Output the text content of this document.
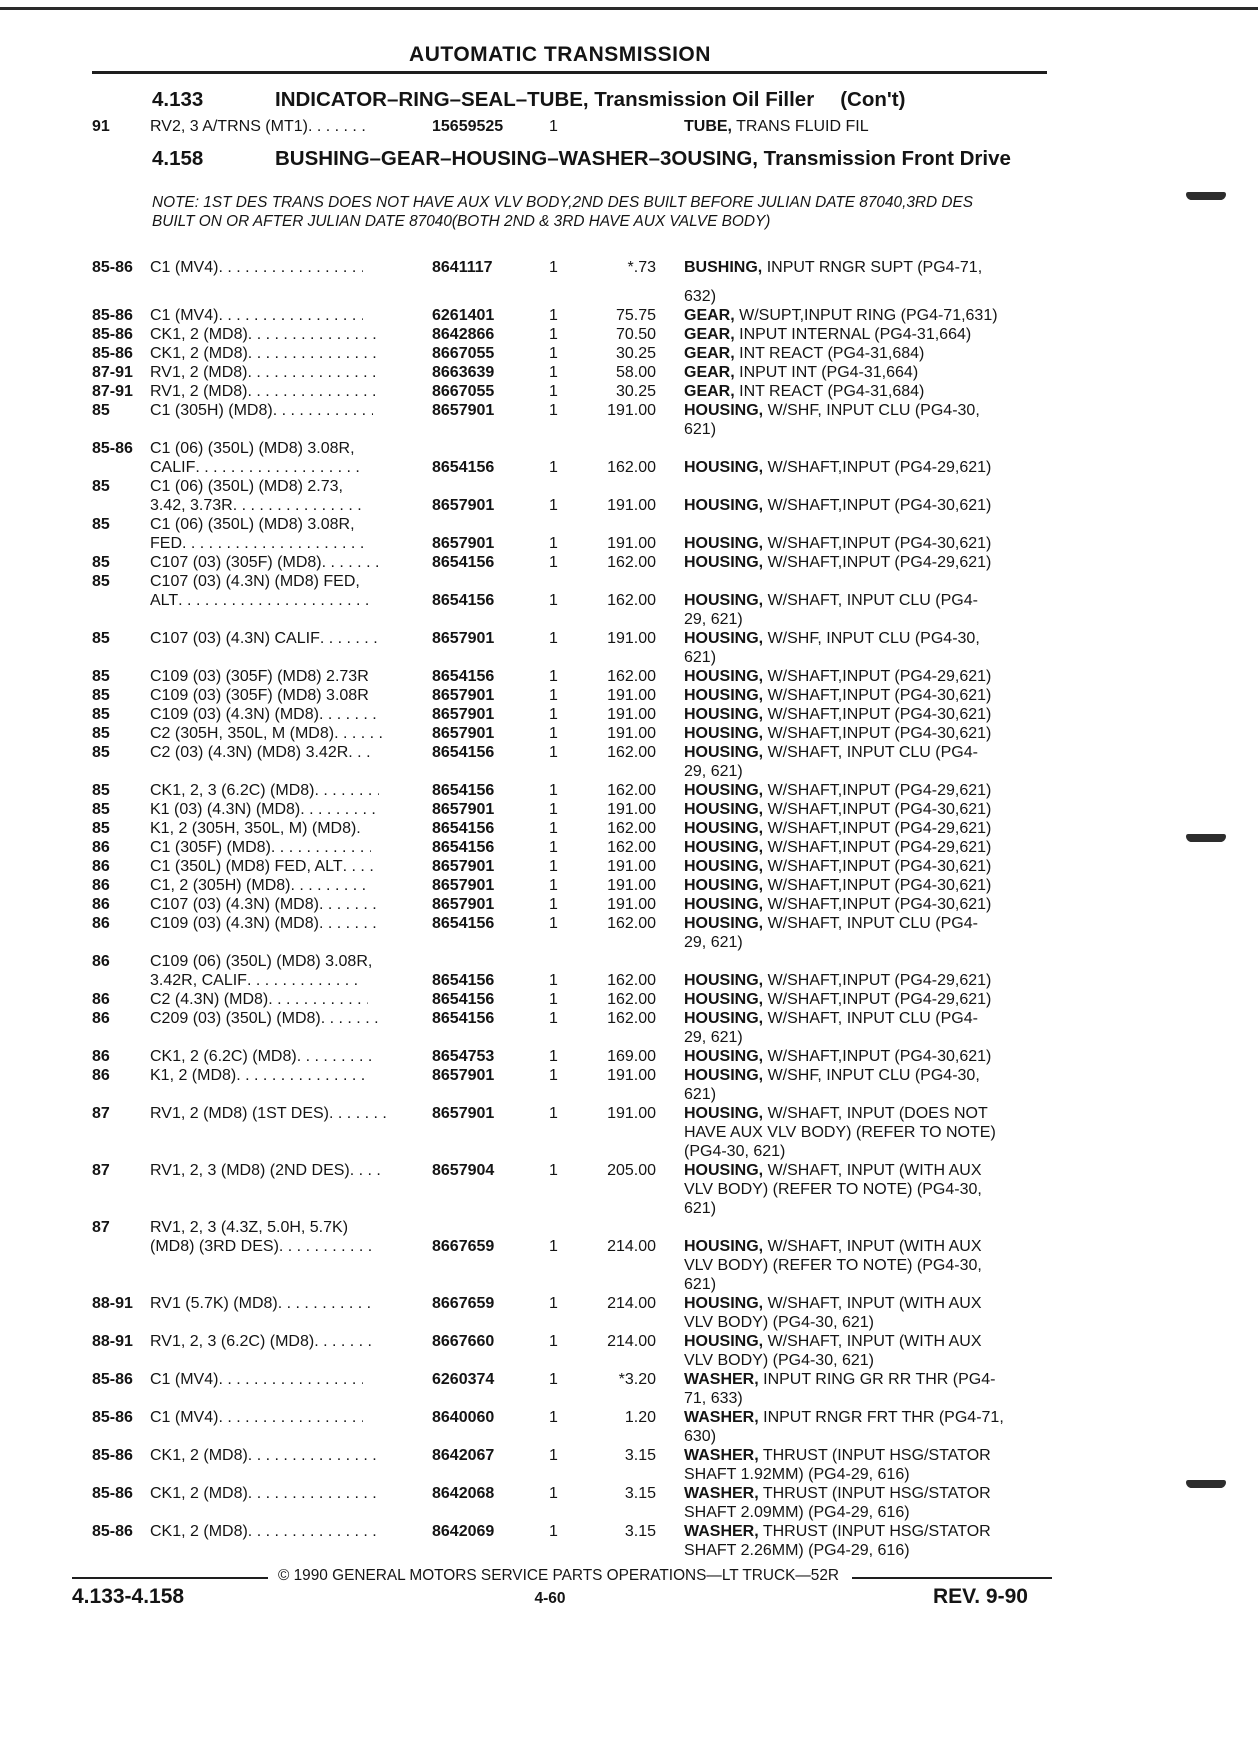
AUTOMATIC TRANSMISSION
4.133	INDICATOR–RING–SEAL–TUBE, Transmission Oil Filler (Con't)
91	RV2, 3 A/TRNS (MT1) . . .	15659525	1	TUBE, TRANS FLUID FIL
85-86 C1 (MV4) . . .	8641117	1	*.73 BUSHING, INPUT RNGR SUPT (PG4-71,
632)
85-86 C1 (MV4) . . .	6261401	1	75.75 GEAR, W/SUPT,INPUT RING (PG4-71,631)
85-86 CK1, 2 (MD8) . . .	8642866	1	70.50 GEAR, INPUT INTERNAL (PG4-31,664)
85-86 CK1, 2 (MD8) . . .	8667055	1	30.25 GEAR, INT REACT (PG4-31,684)
87-91 RV1, 2 (MD8) . . .	8663639	1	58.00 GEAR, INPUT INT (PG4-31,664)
87-91 RV1, 2 (MD8) . . .	8667055	1	30.25 GEAR, INT REACT (PG4-31,684)
85	C1 (305H) (MD8) . . .	8657901	1	191.00 HOUSING, W/SHF, INPUT CLU (PG4-30,
621)
85-86 C1 (06) (350L) (MD8) 3.08R,
CALIF . . .	8654156	1	162.00 HOUSING, W/SHAFT,INPUT (PG4-29,621)
85	C1 (06) (350L) (MD8) 2.73,
3.42, 3.73R . . .	8657901	1	191.00 HOUSING, W/SHAFT,INPUT (PG4-30,621)
85	C1 (06) (350L) (MD8) 3.08R,
FED . . .	8657901	1	191.00 HOUSING, W/SHAFT,INPUT (PG4-30,621)
85	C107 (03) (305F) (MD8) . . .	8654156	1	162.00 HOUSING, W/SHAFT,INPUT (PG4-29,621)
85	C107 (03) (4.3N) (MD8) FED,
ALT . . .	8654156	1	162.00 HOUSING, W/SHAFT, INPUT CLU (PG4-
29, 621)
85	C107 (03) (4.3N) CALIF . . .	8657901	1	191.00 HOUSING, W/SHF, INPUT CLU (PG4-30,
621)
85	C109 (03) (305F) (MD8) 2.73R	8654156	1	162.00 HOUSING, W/SHAFT,INPUT (PG4-29,621)
85	C109 (03) (305F) (MD8) 3.08R	8657901	1	191.00 HOUSING, W/SHAFT,INPUT (PG4-30,621)
85	C109 (03) (4.3N) (MD8) . . .	8657901	1	191.00 HOUSING, W/SHAFT,INPUT (PG4-30,621)
85	C2 (305H, 350L, M (MD8) . . .	8657901	1	191.00 HOUSING, W/SHAFT,INPUT (PG4-30,621)
85	C2 (03) (4.3N) (MD8) 3.42R . . .	8654156	1	162.00 HOUSING, W/SHAFT, INPUT CLU (PG4-
29, 621)
85	CK1, 2, 3 (6.2C) (MD8) . . .	8654156	1	162.00 HOUSING, W/SHAFT,INPUT (PG4-29,621)
85	K1 (03) (4.3N) (MD8) . . .	8657901	1	191.00 HOUSING, W/SHAFT,INPUT (PG4-30,621)
85	K1, 2 (305H, 350L, M) (MD8) . . .	8654156	1	162.00 HOUSING, W/SHAFT,INPUT (PG4-29,621)
86	C1 (305F) (MD8) . . .	8654156	1	162.00 HOUSING, W/SHAFT,INPUT (PG4-29,621)
86	C1 (350L) (MD8) FED, ALT . . .	8657901	1	191.00 HOUSING, W/SHAFT,INPUT (PG4-30,621)
86	C1, 2 (305H) (MD8) . . .	8657901	1	191.00 HOUSING, W/SHAFT,INPUT (PG4-30,621)
86	C107 (03) (4.3N) (MD8) . . .	8657901	1	191.00 HOUSING, W/SHAFT,INPUT (PG4-30,621)
86	C109 (03) (4.3N) (MD8) . . .	8654156	1	162.00 HOUSING, W/SHAFT, INPUT CLU (PG4-
29, 621)
86	C109 (06) (350L) (MD8) 3.08R,
3.42R, CALIF . . .	8654156	1	162.00 HOUSING, W/SHAFT,INPUT (PG4-29,621)
86	C2 (4.3N) (MD8) . . .	8654156	1	162.00 HOUSING, W/SHAFT,INPUT (PG4-29,621)
86	C209 (03) (350L) (MD8) . . .	8654156	1	162.00 HOUSING, W/SHAFT, INPUT CLU (PG4-
29, 621)
86	CK1, 2 (6.2C) (MD8) . . .	8654753	1	169.00 HOUSING, W/SHAFT,INPUT (PG4-30,621)
86	K1, 2 (MD8) . . .	8657901	1	191.00 HOUSING, W/SHF, INPUT CLU (PG4-30,
621)
87	RV1, 2 (MD8) (1ST DES) . . .	8657901	1	191.00 HOUSING, W/SHAFT, INPUT (DOES NOT
HAVE AUX VLV BODY) (REFER TO NOTE)
(PG4-30, 621)
87	RV1, 2, 3 (MD8) (2ND DES) . . .	8657904	1	205.00 HOUSING, W/SHAFT, INPUT (WITH AUX
VLV BODY) (REFER TO NOTE) (PG4-30,
621)
87	RV1, 2, 3 (4.3Z, 5.0H, 5.7K)
(MD8) (3RD DES) . . .	8667659	1	214.00 HOUSING, W/SHAFT, INPUT (WITH AUX
VLV BODY) (REFER TO NOTE) (PG4-30,
621)
88-91 RV1 (5.7K) (MD8) . . .	8667659	1	214.00 HOUSING, W/SHAFT, INPUT (WITH AUX
VLV BODY) (PG4-30, 621)
88-91 RV1, 2, 3 (6.2C) (MD8) . . .	8667660	1	214.00 HOUSING, W/SHAFT, INPUT (WITH AUX
VLV BODY) (PG4-30, 621)
85-86 C1 (MV4) . . .	6260374	1	*3.20 WASHER, INPUT RING GR RR THR (PG4-
71, 633)
85-86 C1 (MV4) . . .	8640060	1	1.20 WASHER, INPUT RNGR FRT THR (PG4-71,
630)
85-86 CK1, 2 (MD8) . . .	8642067	1	3.15 WASHER, THRUST (INPUT HSG/STATOR
SHAFT 1.92MM) (PG4-29, 616)
85-86 CK1, 2 (MD8) . . .	8642068	1	3.15 WASHER, THRUST (INPUT HSG/STATOR
SHAFT 2.09MM) (PG4-29, 616)
85-86 CK1, 2 (MD8) . . .	8642069	1	3.15 WASHER, THRUST (INPUT HSG/STATOR
SHAFT 2.26MM) (PG4-29, 616)
4.158	BUSHING–GEAR–HOUSING–WASHER–3OUSING, Transmission Front Drive
NOTE: 1ST DES TRANS DOES NOT HAVE AUX VLV BODY,2ND DES BUILT BEFORE JULIAN DATE 87040,3RD DES BUILT ON OR AFTER JULIAN DATE 87040(BOTH 2ND & 3RD HAVE AUX VALVE BODY)
© 1990 GENERAL MOTORS SERVICE PARTS OPERATIONS—LT TRUCK—52R
4.133-4.158	4-60	REV. 9-90
